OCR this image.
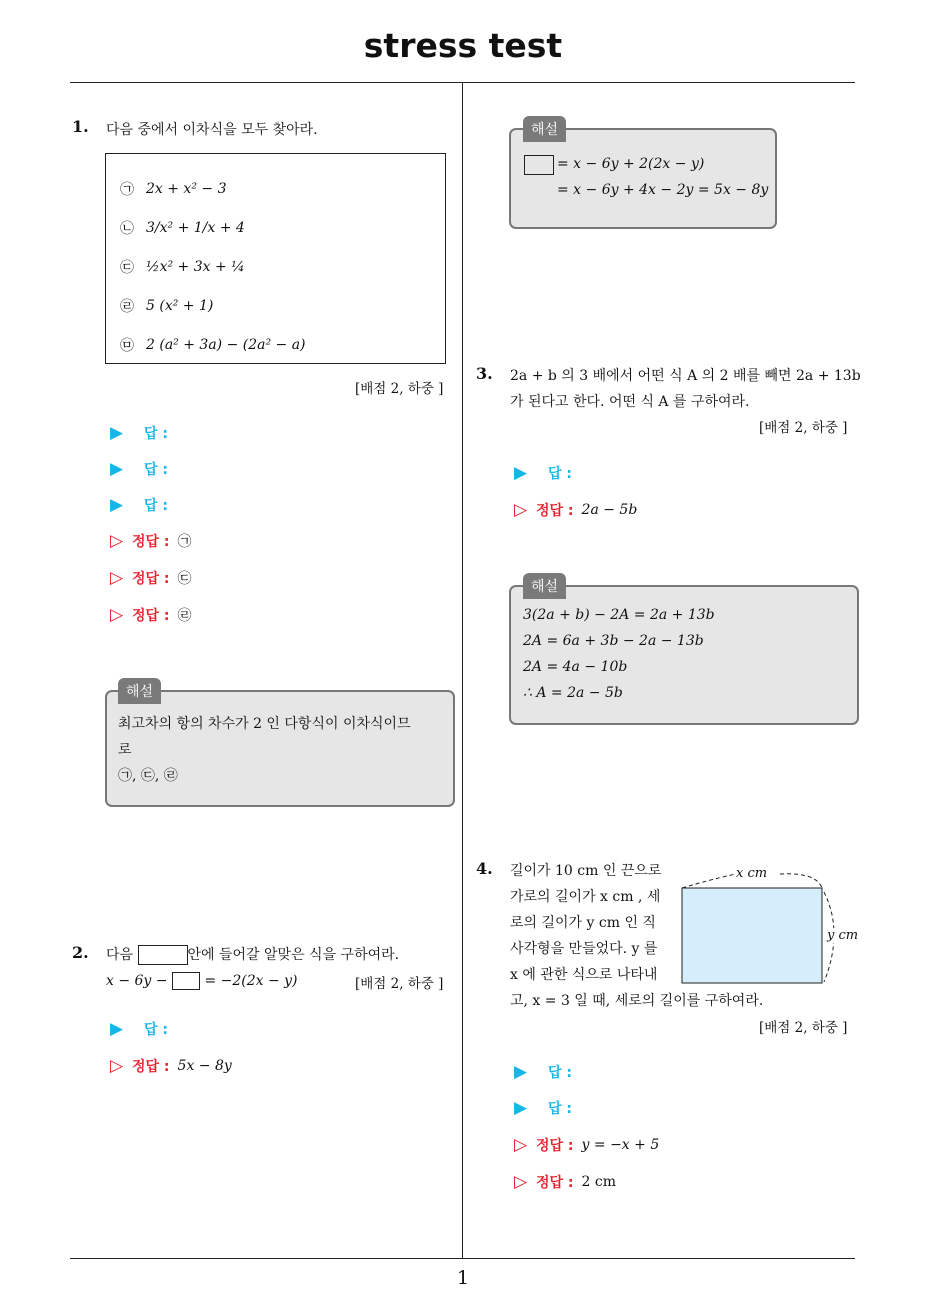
stress test
1
1. 다음 중에서 이차식을 모두 찾아라.
㉠ 2x + x² − 3
㉡ 3/x² + 1/x + 4
㉢ ½x² + 3x + ¼
㉣ 5 (x² + 1)
㉤ 2 (a² + 3a) − (2a² − a)
[배점 2, 하중 ]
▶	답 :
▶	답 :
▶	답 :
▷ 정답 : ㉠
▷ 정답 : ㉢
▷ 정답 : ㉣
해설
최고차의 항의 차수가 2 인 다항식이 이차식이므
로
㉠, ㉢, ㉣
2. 다음	안에 들어갈 알맞은 식을 구하여라.
x − 6y −	= −2(2x − y)	[배점 2, 하중 ]
▶	답 :
▷ 정답 : 5x − 8y
해설
= x − 6y + 2(2x − y)
= x − 6y + 4x − 2y = 5x − 8y
3. 2a + b 의 3 배에서 어떤 식 A 의 2 배를 빼면 2a + 13b
가 된다고 한다. 어떤 식 A 를 구하여라.
[배점 2, 하중 ]
▶	답 :
▷ 정답 : 2a − 5b
해설
3(2a + b) − 2A = 2a + 13b
2A = 6a + 3b − 2a − 13b
2A = 4a − 10b
∴ A = 2a − 5b
4. 길이가 10 cm 인 끈으로
가로의 길이가 x cm , 세
로의 길이가 y cm 인 직
사각형을 만들었다. y 를
x 에 관한 식으로 나타내
고, x = 3 일 때, 세로의 길이를 구하여라.
x cm
y cm
[배점 2, 하중 ]
▶	답 :
▶	답 :
▷ 정답 : y = −x + 5
▷ 정답 : 2 cm
